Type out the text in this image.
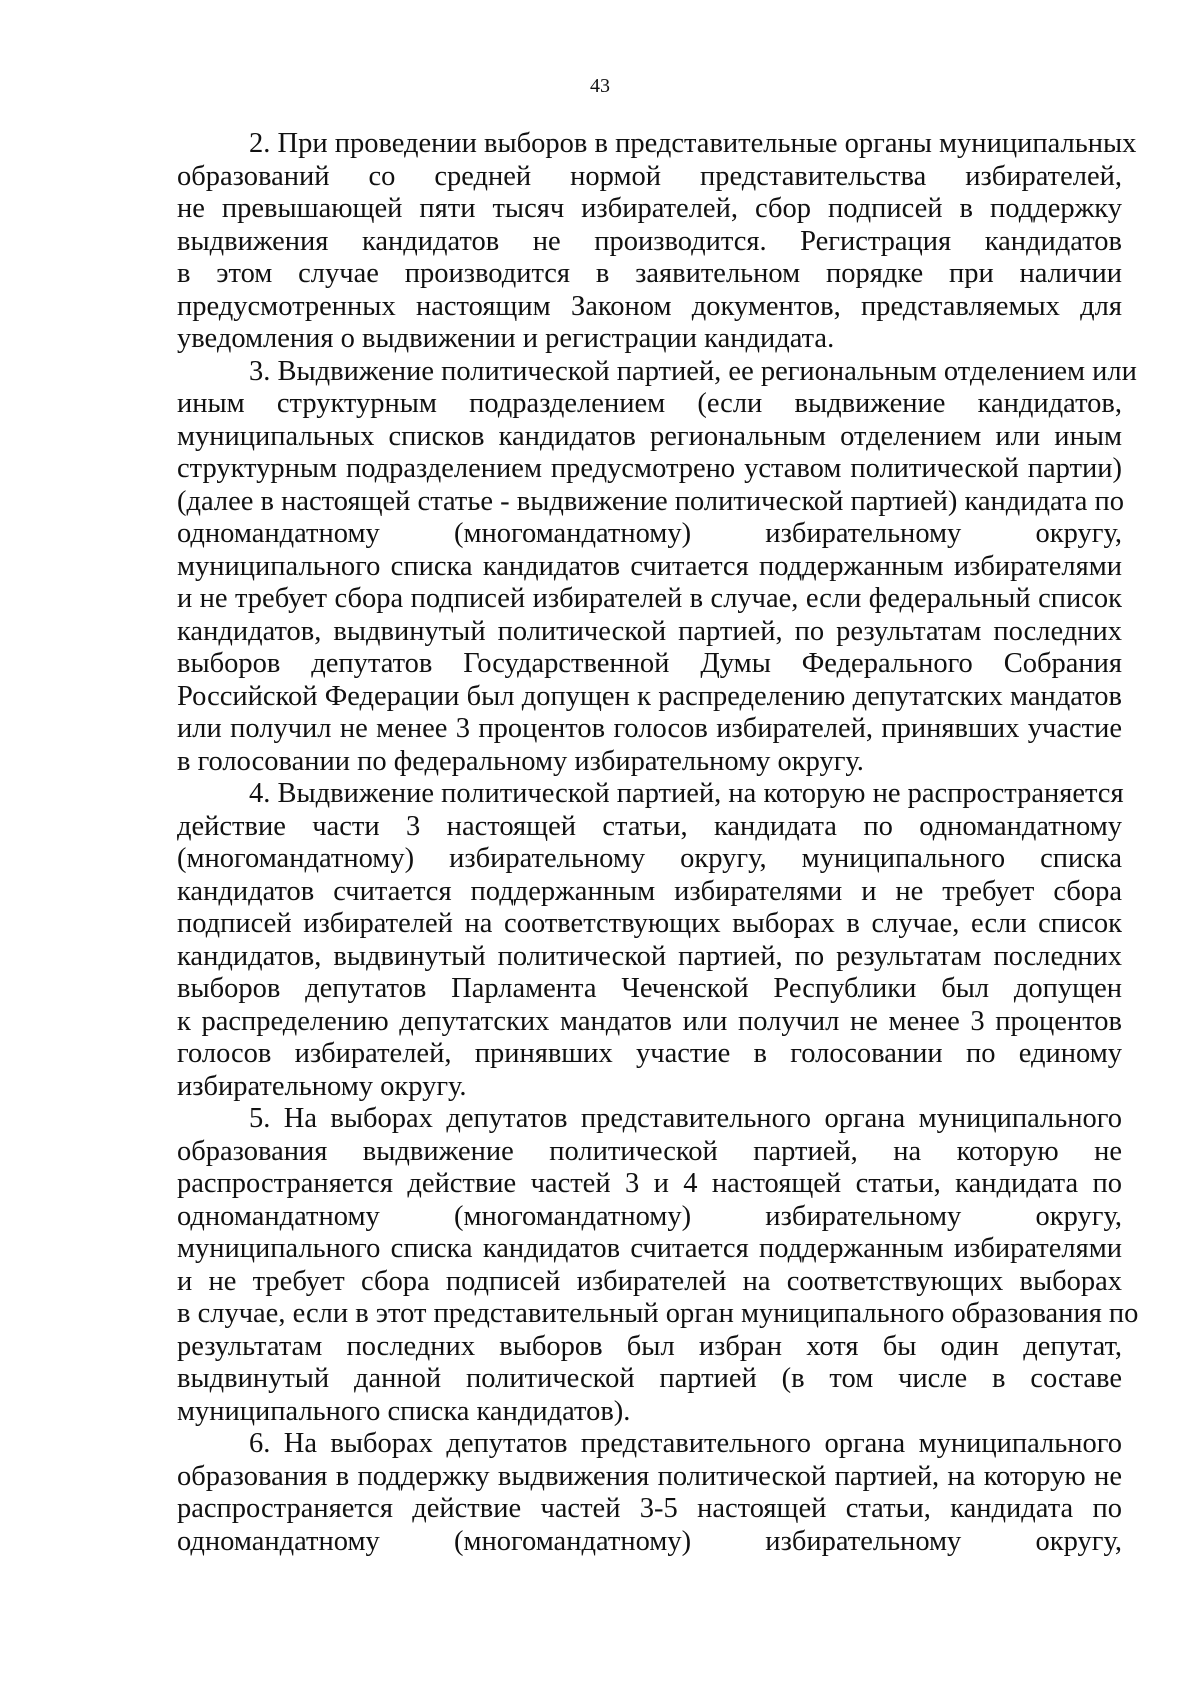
43
2. При проведении выборов в представительные органы муниципальных
образований со средней нормой представительства избирателей,
не превышающей пяти тысяч избирателей, сбор подписей в поддержку
выдвижения кандидатов не производится. Регистрация кандидатов
в этом случае производится в заявительном порядке при наличии
предусмотренных настоящим Законом документов, представляемых для
уведомления о выдвижении и регистрации кандидата.
3. Выдвижение политической партией, ее региональным отделением или
иным структурным подразделением (если выдвижение кандидатов,
муниципальных списков кандидатов региональным отделением или иным
структурным подразделением предусмотрено уставом политической партии)
(далее в настоящей статье - выдвижение политической партией) кандидата по
одномандатному (многомандатному) избирательному округу,
муниципального списка кандидатов считается поддержанным избирателями
и не требует сбора подписей избирателей в случае, если федеральный список
кандидатов, выдвинутый политической партией, по результатам последних
выборов депутатов Государственной Думы Федерального Собрания
Российской Федерации был допущен к распределению депутатских мандатов
или получил не менее 3 процентов голосов избирателей, принявших участие
в голосовании по федеральному избирательному округу.
4. Выдвижение политической партией, на которую не распространяется
действие части 3 настоящей статьи, кандидата по одномандатному
(многомандатному) избирательному округу, муниципального списка
кандидатов считается поддержанным избирателями и не требует сбора
подписей избирателей на соответствующих выборах в случае, если список
кандидатов, выдвинутый политической партией, по результатам последних
выборов депутатов Парламента Чеченской Республики был допущен
к распределению депутатских мандатов или получил не менее 3 процентов
голосов избирателей, принявших участие в голосовании по единому
избирательному округу.
5. На выборах депутатов представительного органа муниципального
образования выдвижение политической партией, на которую не
распространяется действие частей 3 и 4 настоящей статьи, кандидата по
одномандатному (многомандатному) избирательному округу,
муниципального списка кандидатов считается поддержанным избирателями
и не требует сбора подписей избирателей на соответствующих выборах
в случае, если в этот представительный орган муниципального образования по
результатам последних выборов был избран хотя бы один депутат,
выдвинутый данной политической партией (в том числе в составе
муниципального списка кандидатов).
6. На выборах депутатов представительного органа муниципального
образования в поддержку выдвижения политической партией, на которую не
распространяется действие частей 3-5 настоящей статьи, кандидата по
одномандатному (многомандатному) избирательному округу,
